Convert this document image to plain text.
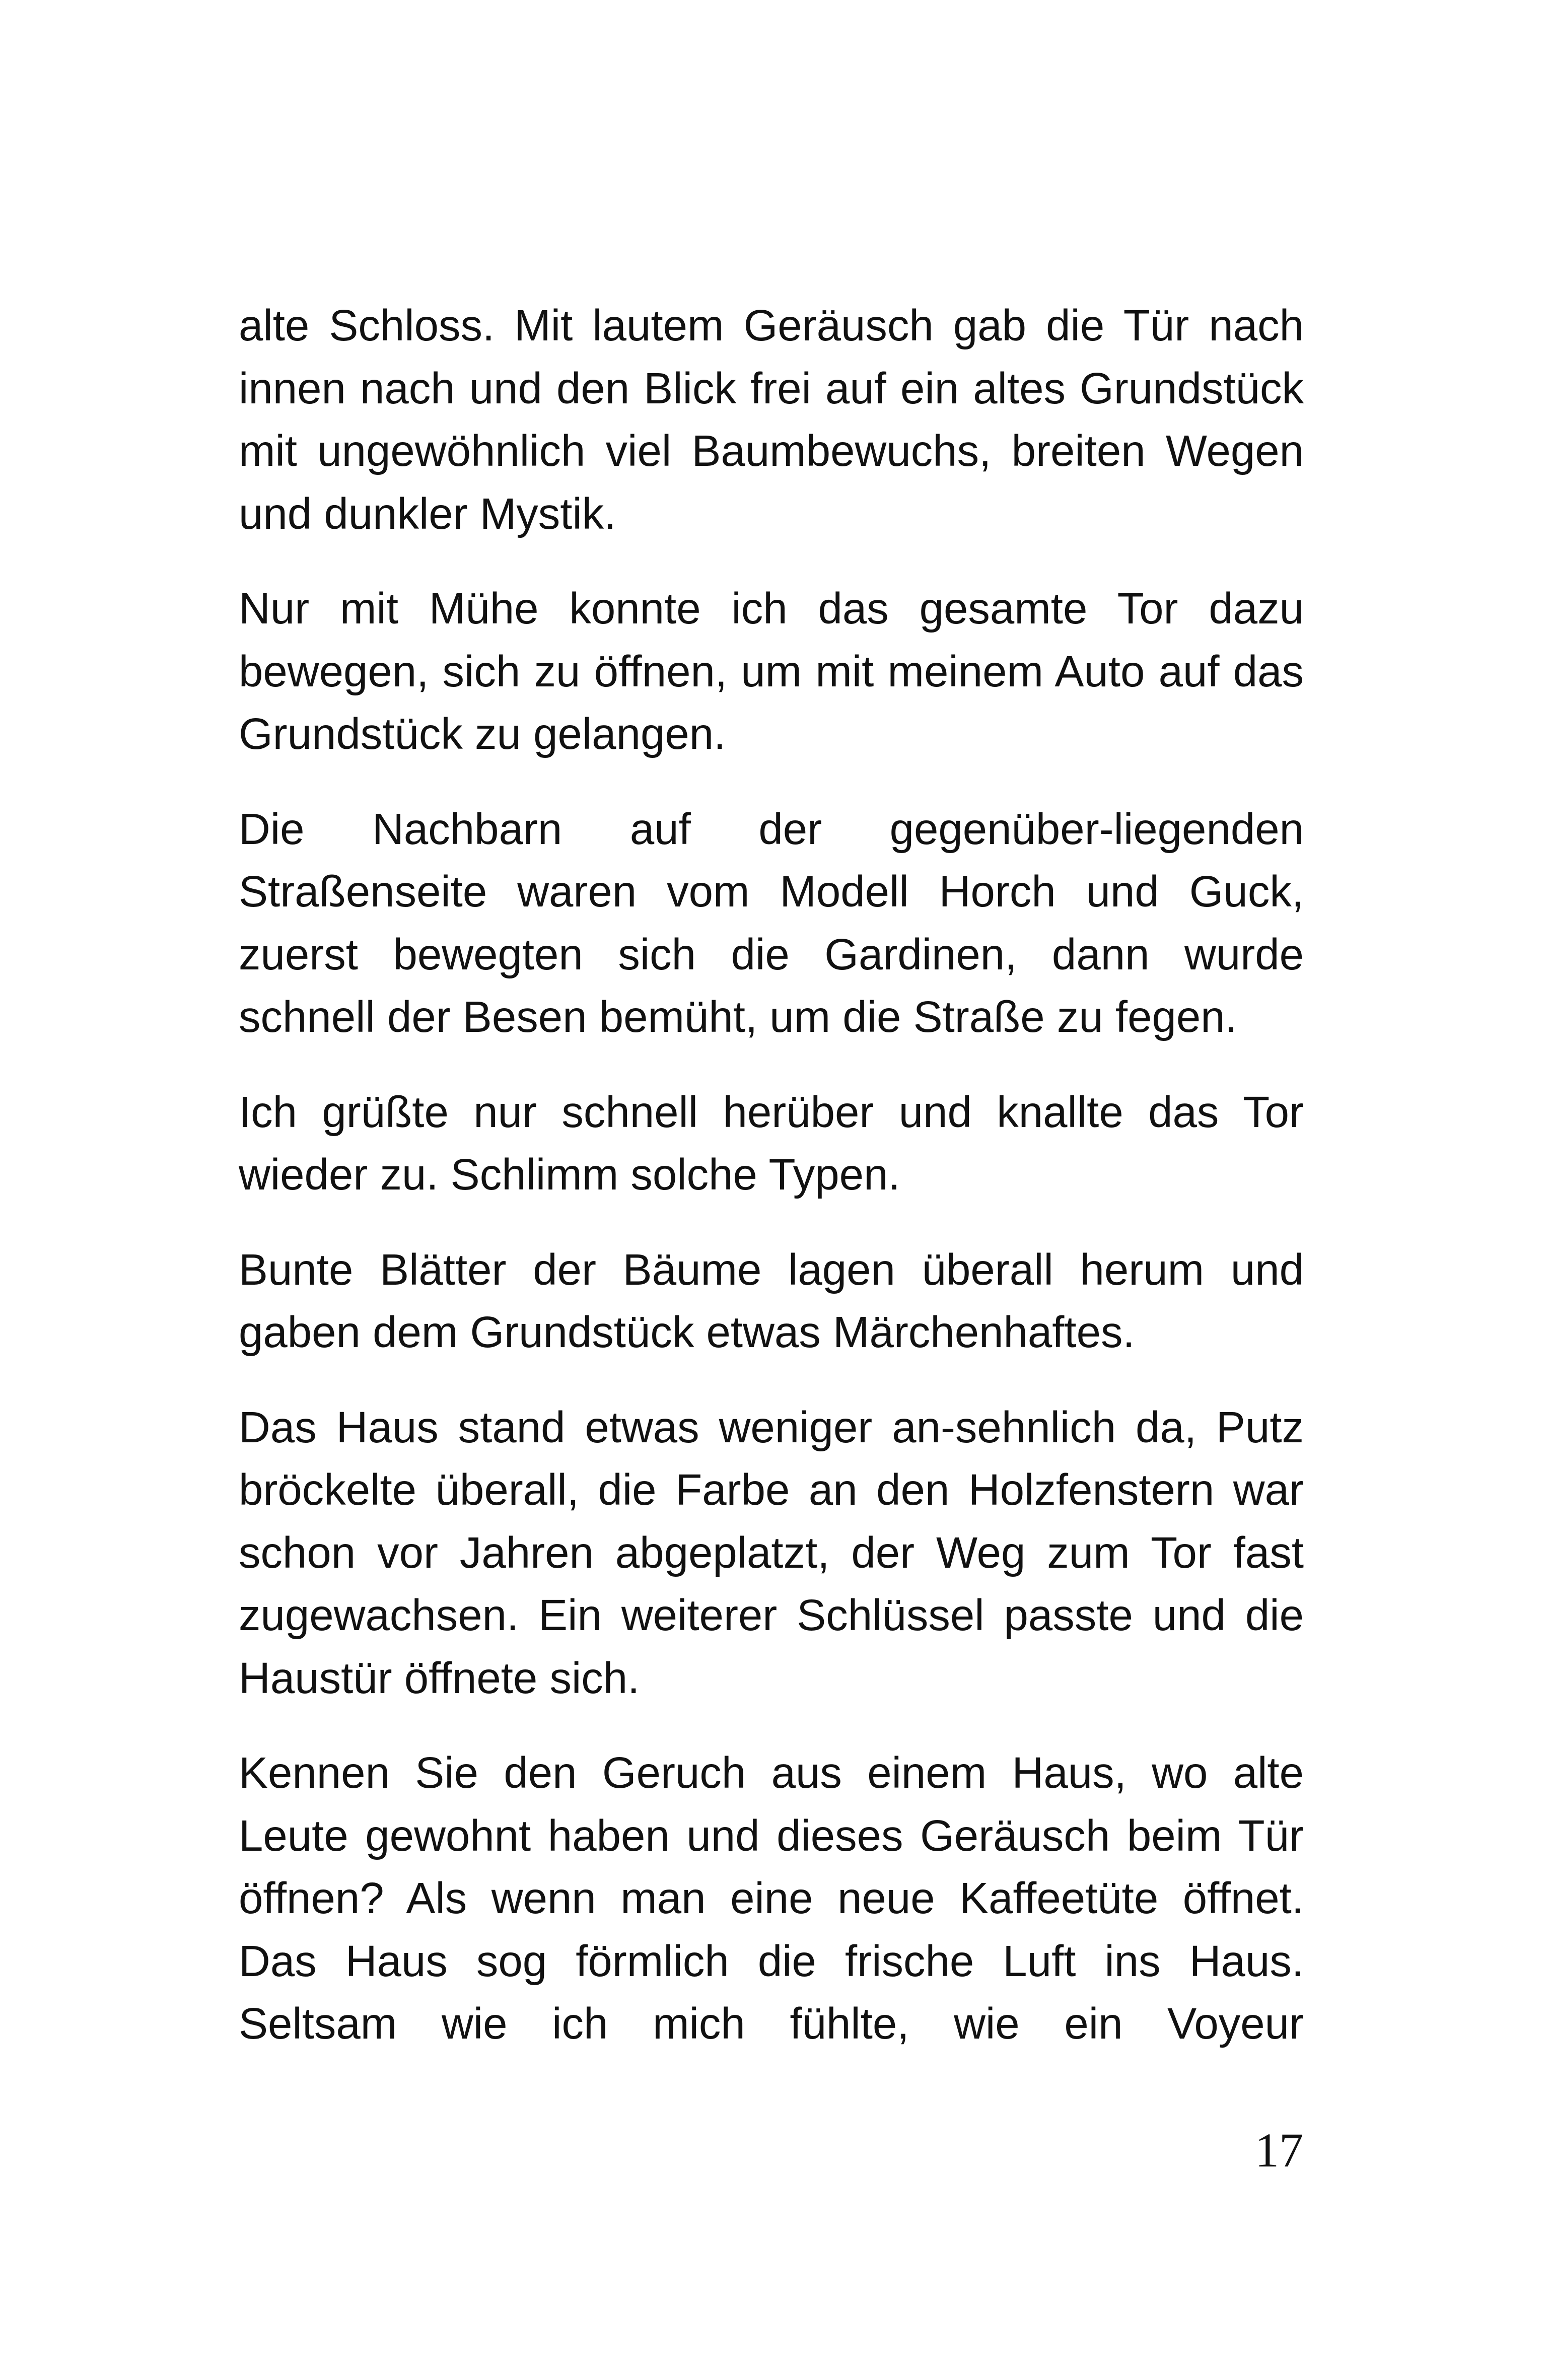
alte Schloss. Mit lautem Geräusch gab die Tür nach innen nach und den Blick frei auf ein altes Grundstück mit ungewöhnlich viel Baumbewuchs, breiten Wegen und dunkler Mystik.

Nur mit Mühe konnte ich das gesamte Tor dazu bewegen, sich zu öffnen, um mit meinem Auto auf das Grundstück zu gelangen.

Die Nachbarn auf der gegenüber-liegenden Straßenseite waren vom Modell Horch und Guck, zuerst bewegten sich die Gardinen, dann wurde schnell der Besen bemüht, um die Straße zu fegen.

Ich grüßte nur schnell herüber und knallte das Tor wieder zu. Schlimm solche Typen.

Bunte Blätter der Bäume lagen überall herum und gaben dem Grundstück etwas Märchenhaftes.

Das Haus stand etwas weniger an-sehnlich da, Putz bröckelte überall, die Farbe an den Holzfenstern war schon vor Jahren abgeplatzt, der Weg zum Tor fast zugewachsen. Ein weiterer Schlüssel passte und die Haustür öffnete sich.

Kennen Sie den Geruch aus einem Haus, wo alte Leute gewohnt haben und dieses Geräusch beim Tür öffnen? Als wenn man eine neue Kaffeetüte öffnet. Das Haus sog förmlich die frische Luft ins Haus. Seltsam wie ich mich fühlte, wie ein Voyeur

17
